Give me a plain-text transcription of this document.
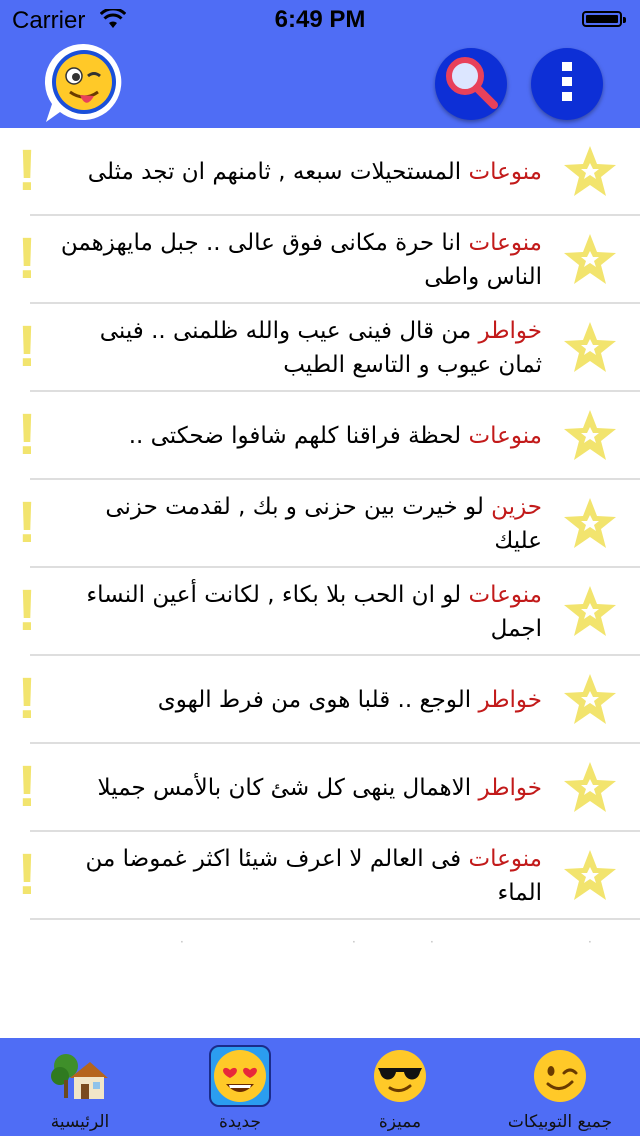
Carrier	6:49 PM
!	منوعات المستحيلات سبعه , ثامنهم ان تجد مثلى
!	منوعات انا حرة مكانى فوق عالى .. جبل مايهزهمن الناس واطى
!	خواطر من قال فينى عيب والله ظلمنى .. فينى ثمان عيوب و التاسع الطيب
!	منوعات لحظة فراقنا كلهم شافوا ضحكتى ..
!	حزين لو خيرت بين حزنى و بك , لقدمت حزنى عليك
!	منوعات لو ان الحب بلا بكاء , لكانت أعين النساء اجمل
!	خواطر الوجع .. قلبا هوى من فرط الهوى
!	خواطر الاهمال ينهى كل شئ كان بالأمس جميلا
!	منوعات فى العالم لا اعرف شيئا اكثر غموضا من الماء
·	·	·	·
الرئيسية	جديدة	مميزة	جميع التوبيكات
